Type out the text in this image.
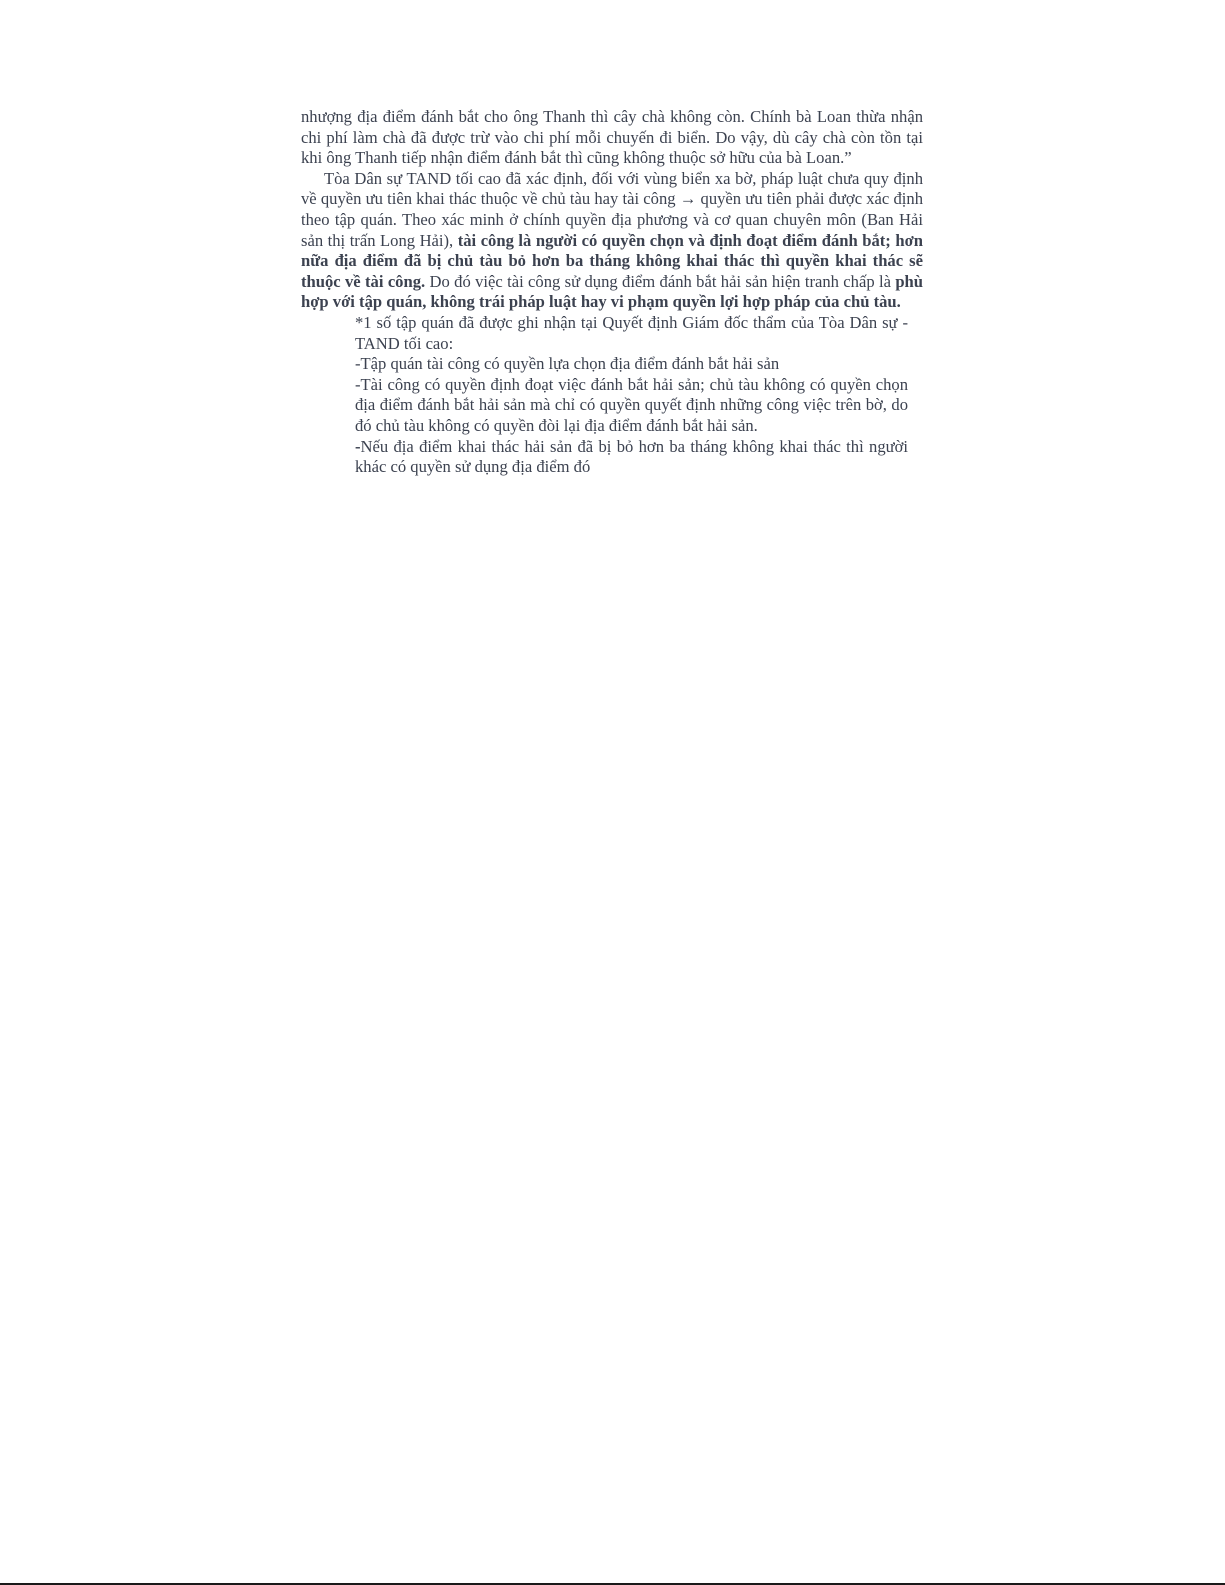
nhượng địa điểm đánh bắt cho ông Thanh thì cây chà không còn. Chính bà Loan thừa nhận chi phí làm chà đã được trừ vào chi phí mỗi chuyến đi biển. Do vậy, dù cây chà còn tồn tại khi ông Thanh tiếp nhận điểm đánh bắt thì cũng không thuộc sở hữu của bà Loan.”

Tòa Dân sự TAND tối cao đã xác định, đối với vùng biển xa bờ, pháp luật chưa quy định về quyền ưu tiên khai thác thuộc về chủ tàu hay tài công → quyền ưu tiên phải được xác định theo tập quán. Theo xác minh ở chính quyền địa phương và cơ quan chuyên môn (Ban Hải sản thị trấn Long Hải), tài công là người có quyền chọn và định đoạt điểm đánh bắt; hơn nữa địa điểm đã bị chủ tàu bỏ hơn ba tháng không khai thác thì quyền khai thác sẽ thuộc về tài công. Do đó việc tài công sử dụng điểm đánh bắt hải sản hiện tranh chấp là phù hợp với tập quán, không trái pháp luật hay vi phạm quyền lợi hợp pháp của chủ tàu.

*1 số tập quán đã được ghi nhận tại Quyết định Giám đốc thẩm của Tòa Dân sự - TAND tối cao:

-Tập quán tài công có quyền lựa chọn địa điểm đánh bắt hải sản

-Tài công có quyền định đoạt việc đánh bắt hải sản; chủ tàu không có quyền chọn địa điểm đánh bắt hải sản mà chỉ có quyền quyết định những công việc trên bờ, do đó chủ tàu không có quyền đòi lại địa điểm đánh bắt hải sản.

-Nếu địa điểm khai thác hải sản đã bị bỏ hơn ba tháng không khai thác thì người khác có quyền sử dụng địa điểm đó
